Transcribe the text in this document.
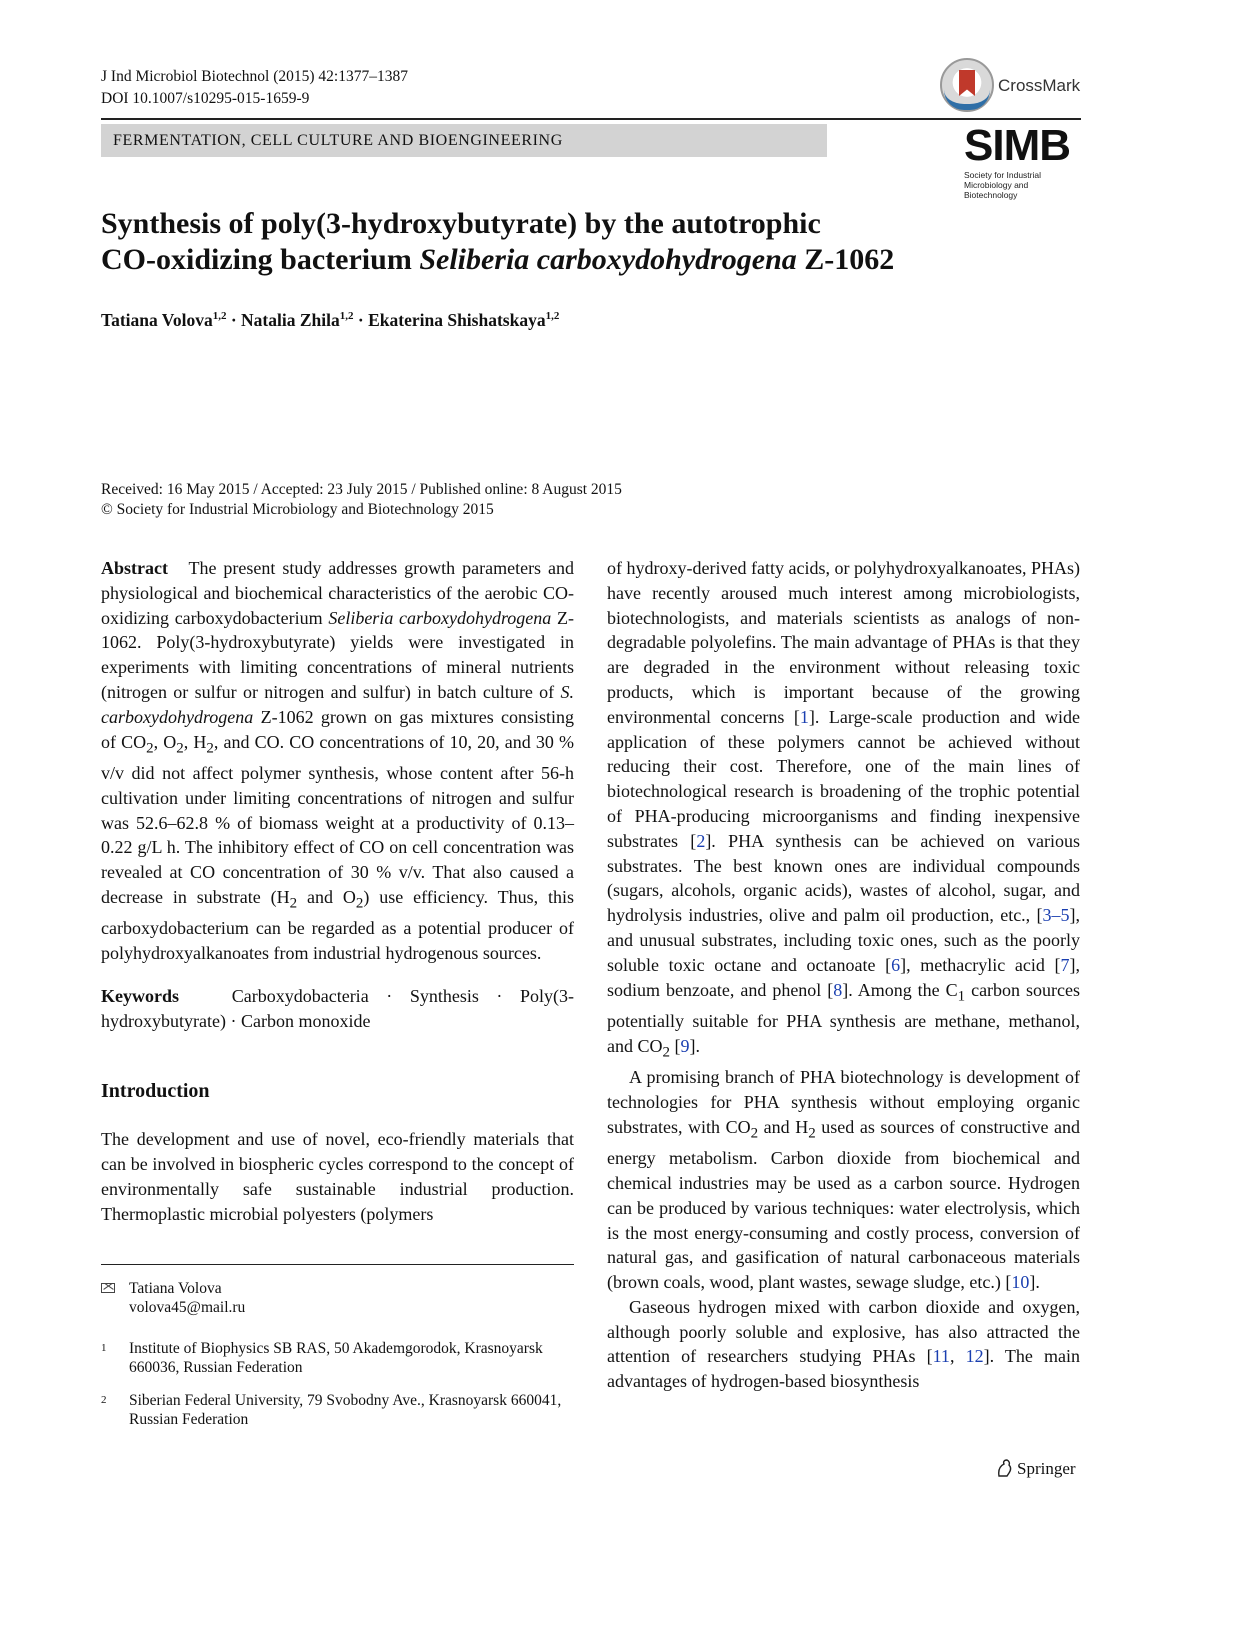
J Ind Microbiol Biotechnol (2015) 42:1377–1387
DOI 10.1007/s10295-015-1659-9
CrossMark
FERMENTATION, CELL CULTURE AND BIOENGINEERING	SIMB
Society for Industrial Microbiology and Biotechnology
Synthesis of poly(3-hydroxybutyrate) by the autotrophic
CO-oxidizing bacterium Seliberia carboxydohydrogena Z-1062
Tatiana Volova$^{1,2}$ · Natalia Zhila$^{1,2}$ · Ekaterina Shishatskaya$^{1,2}$
Received: 16 May 2015 / Accepted: 23 July 2015 / Published online: 8 August 2015
© Society for Industrial Microbiology and Biotechnology 2015

Abstract The present study addresses growth parameters and physiological and biochemical characteristics of the aerobic CO-oxidizing carboxydobacterium Seliberia carboxydohydrogena Z-1062. Poly(3-hydroxybutyrate) yields were investigated in experiments with limiting concentrations of mineral nutrients (nitrogen or sulfur or nitrogen and sulfur) in batch culture of S. carboxydohydrogena Z-1062 grown on gas mixtures consisting of $CO_2$, $O_2$, $H_2$, and CO. CO concentrations of 10, 20, and 30 % v/v did not affect polymer synthesis, whose content after 56-h cultivation under limiting concentrations of nitrogen and sulfur was 52.6–62.8 % of biomass weight at a productivity of 0.13–0.22 g/L h. The inhibitory effect of CO on cell concentration was revealed at CO concentration of 30 % v/v. That also caused a decrease in substrate ($H_2$ and $O_2$) use efficiency. Thus, this carboxydobacterium can be regarded as a potential producer of polyhydroxyalkanoates from industrial hydrogenous sources.

Keywords	Carboxydobacteria · Synthesis · Poly(3-hydroxybutyrate) · Carbon monoxide

Introduction

The development and use of novel, eco-friendly materials that can be involved in biospheric cycles correspond to the concept of environmentally safe sustainable industrial production. Thermoplastic microbial polyesters (polymers

Tatiana Volova
volova45@mail.ru
1 Institute of Biophysics SB RAS, 50 Akademgorodok, Krasnoyarsk 660036, Russian Federation
2 Siberian Federal University, 79 Svobodny Ave., Krasnoyarsk 660041, Russian Federation

of hydroxy-derived fatty acids, or polyhydroxyalkanoates, PHAs) have recently aroused much interest among microbiologists, biotechnologists, and materials scientists as analogs of non-degradable polyolefins. The main advantage of PHAs is that they are degraded in the environment without releasing toxic products, which is important because of the growing environmental concerns [1]. Large-scale production and wide application of these polymers cannot be achieved without reducing their cost. Therefore, one of the main lines of biotechnological research is broadening of the trophic potential of PHA-producing microorganisms and finding inexpensive substrates [2]. PHA synthesis can be achieved on various substrates. The best known ones are individual compounds (sugars, alcohols, organic acids), wastes of alcohol, sugar, and hydrolysis industries, olive and palm oil production, etc., [3–5], and unusual substrates, including toxic ones, such as the poorly soluble toxic octane and octanoate [6], methacrylic acid [7], sodium benzoate, and phenol [8]. Among the $C_1$ carbon sources potentially suitable for PHA synthesis are methane, methanol, and $CO_2$ [9].

A promising branch of PHA biotechnology is development of technologies for PHA synthesis without employing organic substrates, with $CO_2$ and $H_2$ used as sources of constructive and energy metabolism. Carbon dioxide from biochemical and chemical industries may be used as a carbon source. Hydrogen can be produced by various techniques: water electrolysis, which is the most energy-consuming and costly process, conversion of natural gas, and gasification of natural carbonaceous materials (brown coals, wood, plant wastes, sewage sludge, etc.) [10].

Gaseous hydrogen mixed with carbon dioxide and oxygen, although poorly soluble and explosive, has also attracted the attention of researchers studying PHAs [11, 12]. The main advantages of hydrogen-based biosynthesis

Springer
